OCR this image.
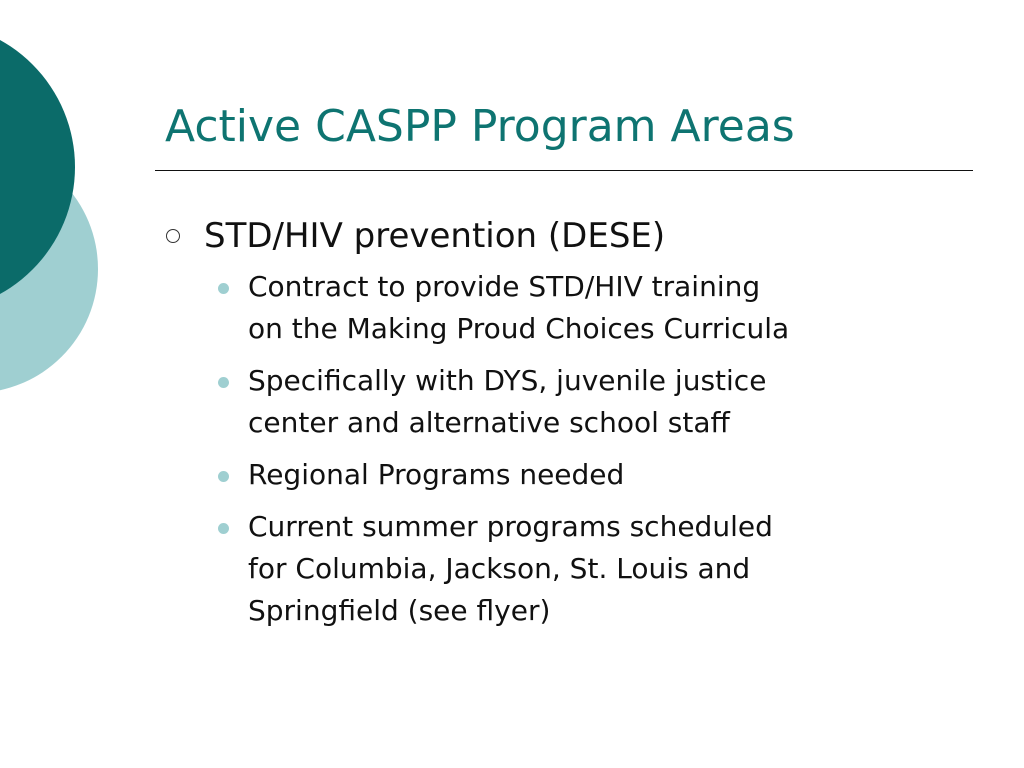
Active CASPP Program Areas
STD/HIV prevention (DESE)
Contract to provide STD/HIV training
on the Making Proud Choices Curricula
Specifically with DYS, juvenile justice
center and alternative school staff
Regional Programs needed
Current summer programs scheduled
for Columbia, Jackson, St. Louis and
Springfield (see flyer)
